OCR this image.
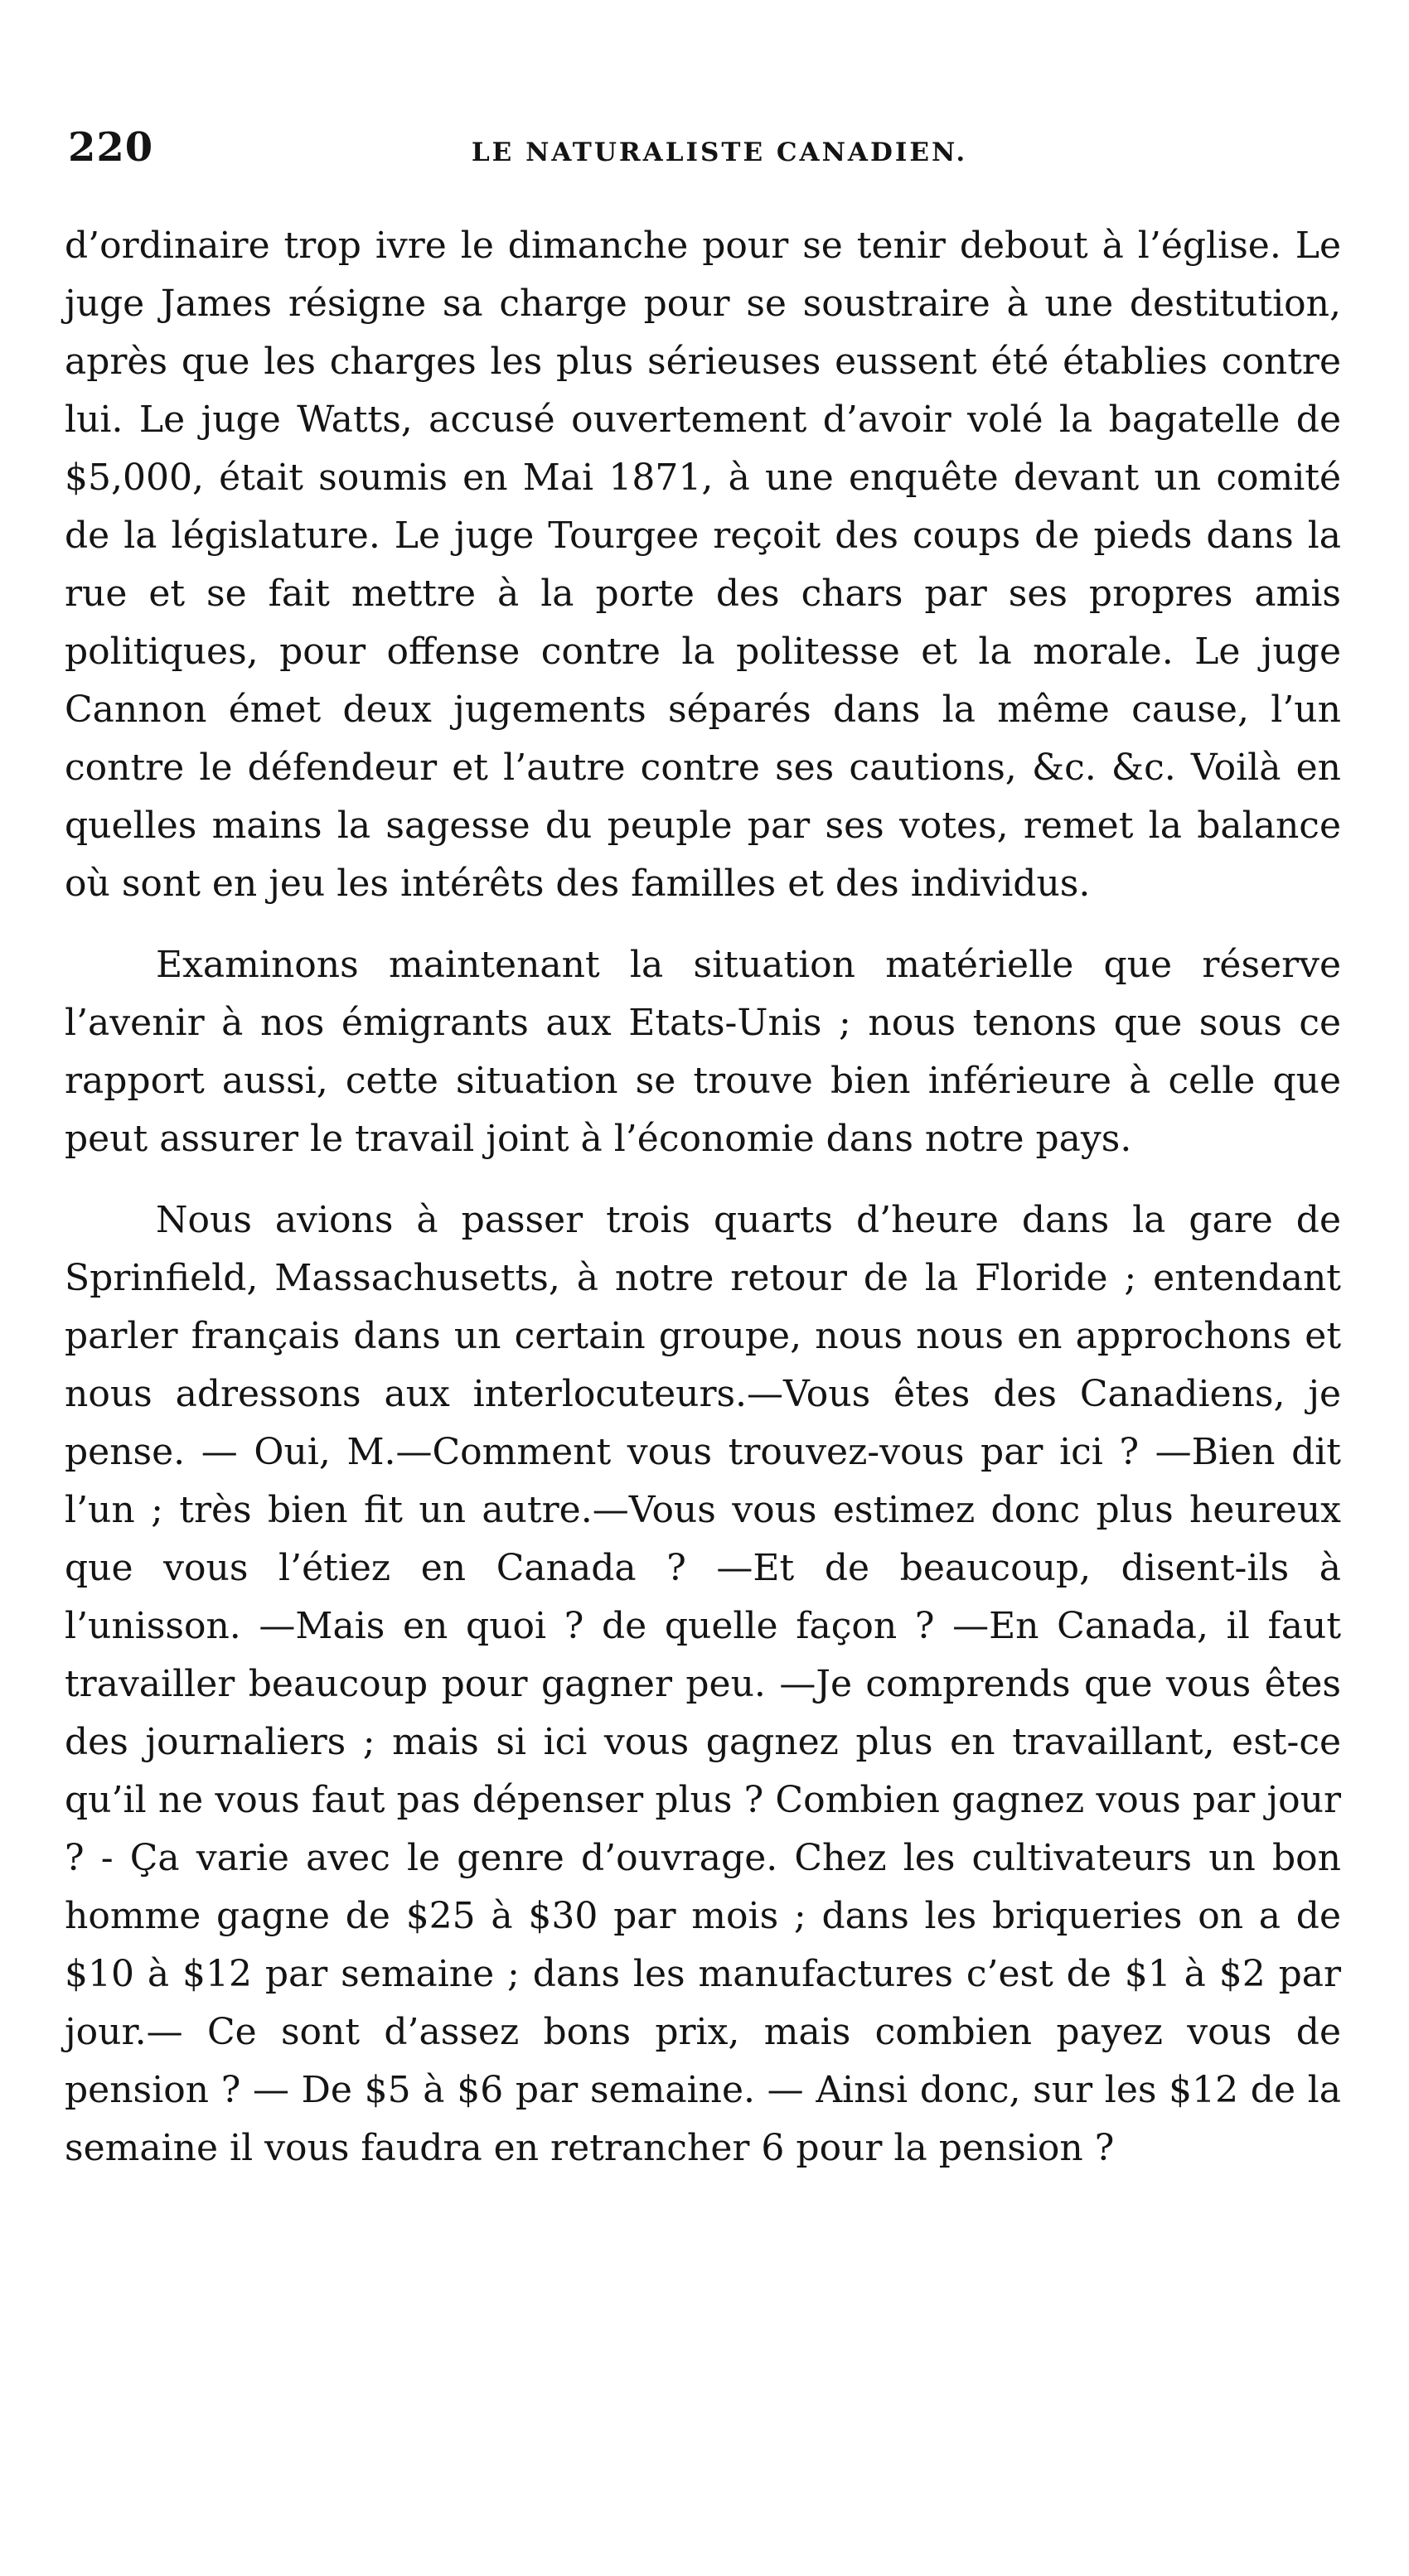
220	LE NATURALISTE CANADIEN.

d’ordinaire trop ivre le dimanche pour se tenir debout à l’église. Le juge James résigne sa charge pour se soustraire à une destitution, après que les charges les plus sérieuses eussent été établies contre lui. Le juge Watts, accusé ouvertement d’avoir volé la bagatelle de $5,000, était soumis en Mai 1871, à une enquête devant un comité de la législature. Le juge Tourgee reçoit des coups de pieds dans la rue et se fait mettre à la porte des chars par ses propres amis politiques, pour offense contre la politesse et la morale. Le juge Cannon émet deux jugements séparés dans la même cause, l’un contre le défendeur et l’autre contre ses cautions, &c. &c. Voilà en quelles mains la sagesse du peuple par ses votes, remet la balance où sont en jeu les intérêts des familles et des individus.

Examinons maintenant la situation matérielle que réserve l’avenir à nos émigrants aux Etats-Unis ; nous tenons que sous ce rapport aussi, cette situation se trouve bien inférieure à celle que peut assurer le travail joint à l’économie dans notre pays.

Nous avions à passer trois quarts d’heure dans la gare de Sprinfield, Massachusetts, à notre retour de la Floride ; entendant parler français dans un certain groupe, nous nous en approchons et nous adressons aux interlocuteurs.—Vous êtes des Canadiens, je pense. — Oui, M.—Comment vous trouvez-vous par ici ? —Bien dit l’un ; très bien fit un autre.—Vous vous estimez donc plus heureux que vous l’étiez en Canada ? —Et de beaucoup, disent-ils à l’unisson. —Mais en quoi ? de quelle façon ? —En Canada, il faut travailler beaucoup pour gagner peu. —Je comprends que vous êtes des journaliers ; mais si ici vous gagnez plus en travaillant, est-ce qu’il ne vous faut pas dépenser plus ? Combien gagnez vous par jour ? - Ça varie avec le genre d’ouvrage. Chez les cultivateurs un bon homme gagne de $25 à $30 par mois ; dans les briqueries on a de $10 à $12 par semaine ; dans les manufactures c’est de $1 à $2 par jour.— Ce sont d’assez bons prix, mais combien payez vous de pension ? — De $5 à $6 par semaine. — Ainsi donc, sur les $12 de la semaine il vous faudra en retrancher 6 pour la pension ?
